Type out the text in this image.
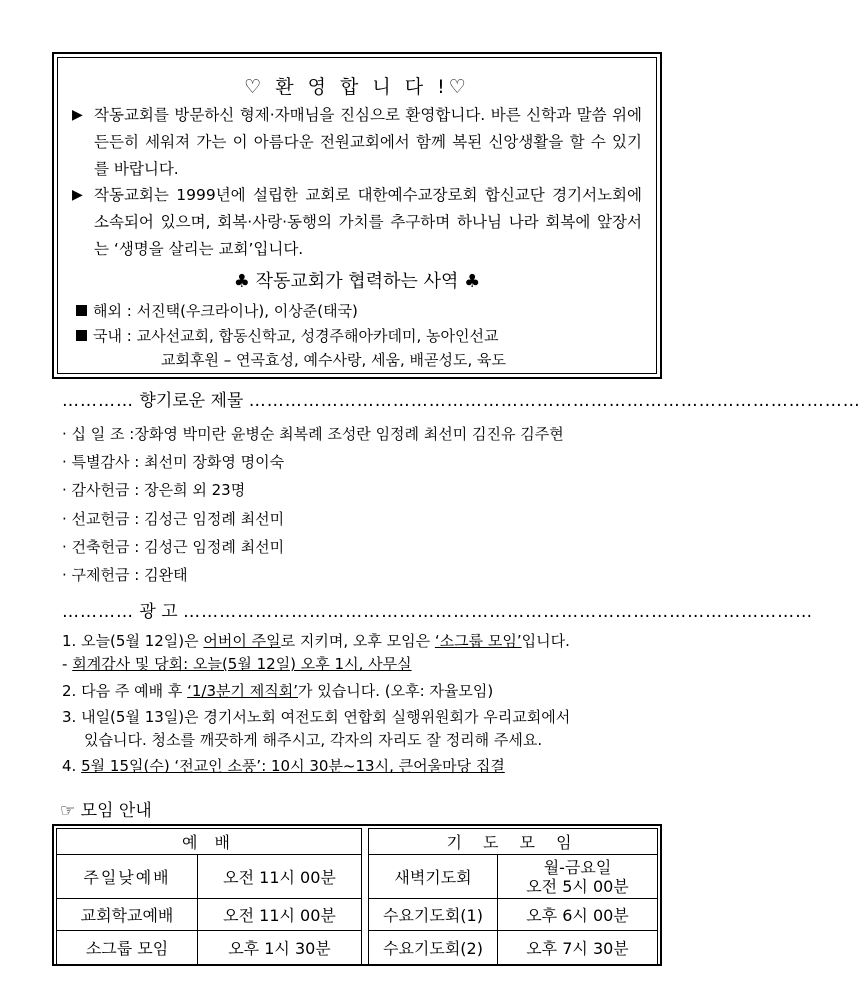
♡ 환 영 합 니 다 !♡
▶ 작동교회를 방문하신 형제·자매님을 진심으로 환영합니다. 바른 신학과 말씀 위에 든든히 세워져 가는 이 아름다운 전원교회에서 함께 복된 신앙생활을 할 수 있기를 바랍니다.
▶ 작동교회는 1999년에 설립한 교회로 대한예수교장로회 합신교단 경기서노회에 소속되어 있으며, 회복·사랑·동행의 가치를 추구하며 하나님 나라 회복에 앞장서는 ‘생명을 살리는 교회’입니다.
♣ 작동교회가 협력하는 사역 ♣
해외 : 서진택(우크라이나), 이상준(태국)
국내 : 교사선교회, 합동신학교, 성경주해아카데미, 농아인선교
교회후원 – 연곡효성, 예수사랑, 세움, 배곧성도, 육도
………… 향기로운 제물 …………………………………………………………………………………………
· 십 일 조 :장화영 박미란 윤병순 최복례 조성란 임정례 최선미 김진유 김주현
· 특별감사 : 최선미 장화영 명이숙
· 감사헌금 : 장은희 외 23명
· 선교헌금 : 김성근 임정례 최선미
· 건축헌금 : 김성근 임정례 최선미
· 구제헌금 : 김완태
………… 광 고 ……………………………………………………………………………………………
1. 오늘(5월 12일)은 어버이 주일로 지키며, 오후 모임은 ‘소그룹 모임’입니다.
- 회계감사 및 당회: 오늘(5월 12일) 오후 1시, 사무실
2. 다음 주 예배 후 ‘1/3분기 제직회’가 있습니다. (오후: 자율모임)
3. 내일(5월 13일)은 경기서노회 여전도회 연합회 실행위원회가 우리교회에서
있습니다. 청소를 깨끗하게 해주시고, 각자의 자리도 잘 정리해 주세요.
4. 5월 15일(수) ‘전교인 소풍’: 10시 30분~13시, 큰어울마당 집결
☞ 모임 안내
예 배	
주일낮예배	오전 11시 00분
교회학교예배	오전 11시 00분
소그룹 모임	오후 1시 30분
기 도 모 임	
새벽기도회	월-금요일
오전 5시 00분

수요기도회(1)	오후 6시 00분
수요기도회(2)	오후 7시 30분
